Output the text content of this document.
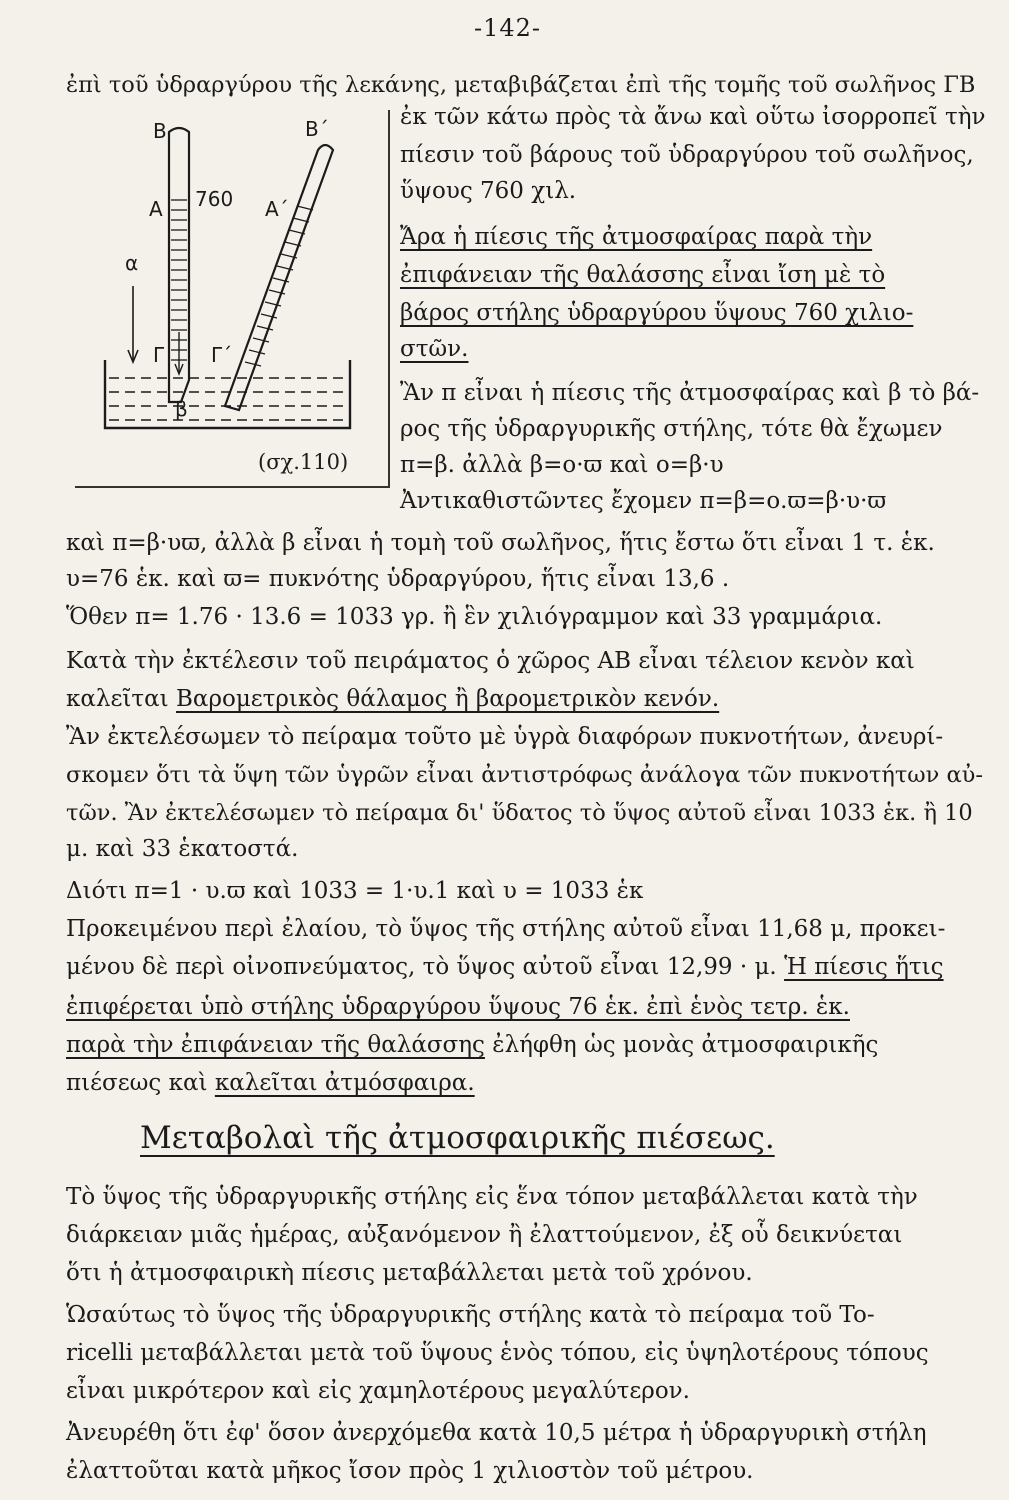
-142-
ἐπὶ τοῦ ὑδραργύρου τῆς λεκάνης, μεταβιβάζεται ἐπὶ τῆς τομῆς τοῦ σωλῆνος ΓΒ
B	B΄
A 760 A΄
α
Γ Γ΄
β
(σχ.110)
ἐκ τῶν κάτω πρὸς τὰ ἄνω καὶ οὕτω ἰσορροπεῖ τὴν
πίεσιν τοῦ βάρους τοῦ ὑδραργύρου τοῦ σωλῆνος,
ὕψους 760 χιλ.
Ἄρα ἡ πίεσις τῆς ἀτμοσφαίρας παρὰ τὴν
ἐπιφάνειαν τῆς θαλάσσης εἶναι ἴση μὲ τὸ
βάρος στήλης ὑδραργύρου ὕψους 760 χιλιο-
στῶν.
Ἂν π εἶναι ἡ πίεσις τῆς ἀτμοσφαίρας καὶ β τὸ βά-
ρος τῆς ὑδραργυρικῆς στήλης, τότε θὰ ἔχωμεν
π=β. ἀλλὰ β=ο·ϖ καὶ ο=β·υ
Ἀντικαθιστῶντες ἔχομεν π=β=ο.ϖ=β·υ·ϖ
καὶ π=β·υϖ, ἀλλὰ β εἶναι ἡ τομὴ τοῦ σωλῆνος, ἥτις ἔστω ὅτι εἶναι 1 τ. ἑκ.
υ=76 ἑκ. καὶ ϖ= πυκνότης ὑδραργύρου, ἥτις εἶναι 13,6 .
Ὅθεν π= 1.76 · 13.6 = 1033 γρ. ἢ ἓν χιλιόγραμμον καὶ 33 γραμμάρια.
Κατὰ τὴν ἐκτέλεσιν τοῦ πειράματος ὁ χῶρος ΑΒ εἶναι τέλειον κενὸν καὶ
καλεῖται Βαρομετρικὸς θάλαμος ἢ βαρομετρικὸν κενόν.
Ἂν ἐκτελέσωμεν τὸ πείραμα τοῦτο μὲ ὑγρὰ διαφόρων πυκνοτήτων, ἀνευρί-
σκομεν ὅτι τὰ ὕψη τῶν ὑγρῶν εἶναι ἀντιστρόφως ἀνάλογα τῶν πυκνοτήτων αὐ-
τῶν. Ἂν ἐκτελέσωμεν τὸ πείραμα δι' ὕδατος τὸ ὕψος αὐτοῦ εἶναι 1033 ἑκ. ἢ 10
μ. καὶ 33 ἑκατοστά.
Διότι π=1 · υ.ϖ καὶ 1033 = 1·υ.1 καὶ υ = 1033 ἑκ
Προκειμένου περὶ ἐλαίου, τὸ ὕψος τῆς στήλης αὐτοῦ εἶναι 11,68 μ, προκει-
μένου δὲ περὶ οἰνοπνεύματος, τὸ ὕψος αὐτοῦ εἶναι 12,99 · μ. Ἡ πίεσις ἥτις
ἐπιφέρεται ὑπὸ στήλης ὑδραργύρου ὕψους 76 ἑκ. ἐπὶ ἑνὸς τετρ. ἑκ.
παρὰ τὴν ἐπιφάνειαν τῆς θαλάσσης ἐλήφθη ὡς μονὰς ἀτμοσφαιρικῆς
πιέσεως καὶ καλεῖται ἀτμόσφαιρα.
Μεταβολαὶ τῆς ἀτμοσφαιρικῆς πιέσεως.
Τὸ ὕψος τῆς ὑδραργυρικῆς στήλης εἰς ἕνα τόπον μεταβάλλεται κατὰ τὴν
διάρκειαν μιᾶς ἡμέρας, αὐξανόμενον ἢ ἐλαττούμενον, ἐξ οὗ δεικνύεται
ὅτι ἡ ἀτμοσφαιρικὴ πίεσις μεταβάλλεται μετὰ τοῦ χρόνου.
Ὡσαύτως τὸ ὕψος τῆς ὑδραργυρικῆς στήλης κατὰ τὸ πείραμα τοῦ To-
ricelli μεταβάλλεται μετὰ τοῦ ὕψους ἑνὸς τόπου, εἰς ὑψηλοτέρους τόπους
εἶναι μικρότερον καὶ εἰς χαμηλοτέρους μεγαλύτερον.
Ἀνευρέθη ὅτι ἐφ' ὅσον ἀνερχόμεθα κατὰ 10,5 μέτρα ἡ ὑδραργυρικὴ στήλη
ἐλαττοῦται κατὰ μῆκος ἴσον πρὸς 1 χιλιοστὸν τοῦ μέτρου.
